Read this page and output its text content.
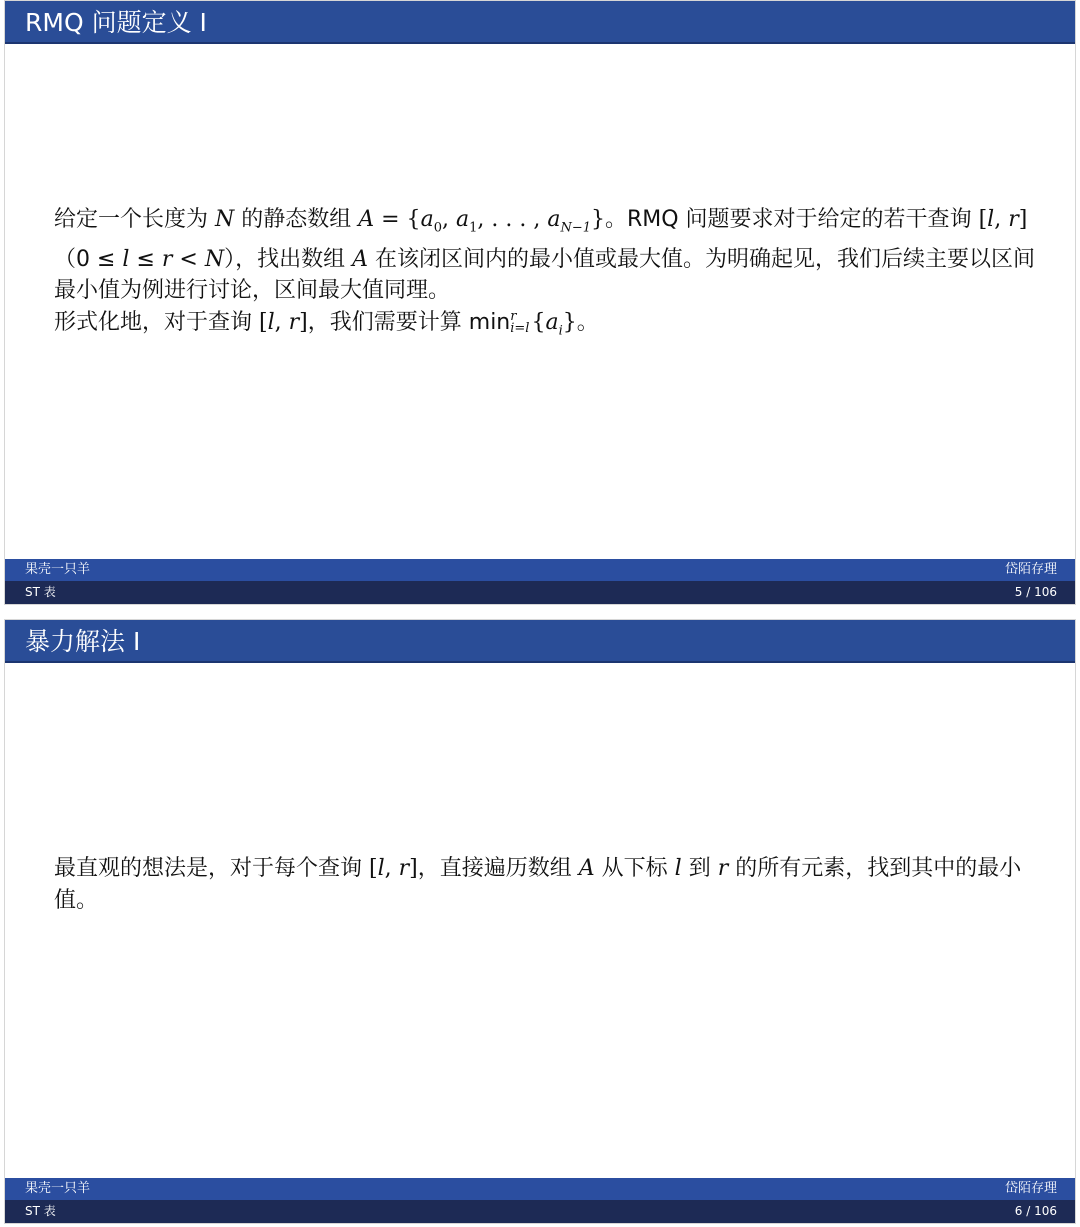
RMQ 问题定义 I

给定一个长度为 N 的静态数组 $A = \{a_0$, $a_1$, . . . , $a_{N-1}$}。RMQ 问题要求对于给定的若干查询 [l, r]（0 ≤ l ≤ r < N），找出数组 A 在该闭区间内的最小值或最大值。为明确起见，我们后续主要以区间最小值为例进行讨论，区间最大值同理。

形式化地，对于查询 [l, r]，我们需要计算 min r
i=l $\{a_i\}$。

果壳一只羊	岱陌存理
ST 表	5 / 106
暴力解法 I

最直观的想法是，对于每个查询 [l, r]，直接遍历数组 A 从下标 l 到 r 的所有元素，找到其中的最小值。

果壳一只羊	岱陌存理
ST 表	6 / 106
